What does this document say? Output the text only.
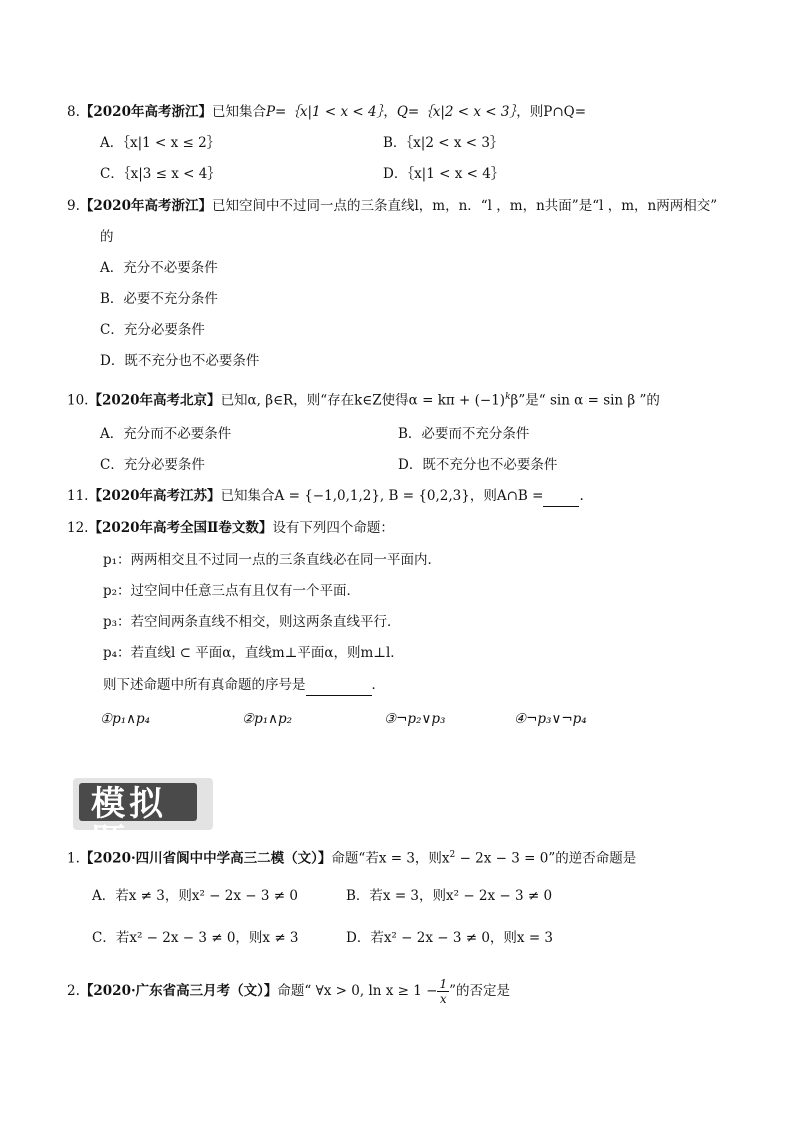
8.【2020年高考浙江】已知集合P=｛x|1 < x < 4｝，Q=｛x|2 < x < 3｝，则P∩Q=
A．｛x|1 < x ≤ 2｝	B．｛x|2 < x < 3｝
C．｛x|3 ≤ x < 4｝	D．｛x|1 < x < 4｝
9.【2020年高考浙江】已知空间中不过同一点的三条直线l，m，n．“l ，m，n共面”是“l ，m，n两两相交”
的
A．充分不必要条件
B．必要不充分条件
C．充分必要条件
D．既不充分也不必要条件
10.【2020年高考北京】已知α, β∈R，则“存在k∈Z使得$\alpha = k\pi + (-1)^k\beta$”是“ sin α = sin β ”的
A．充分而不必要条件	B．必要而不充分条件
C．充分必要条件	D．既不充分也不必要条件
11.【2020年高考江苏】已知集合A = {−1,0,1,2}, B = {0,2,3}，则A∩B =	.
12.【2020年高考全国Ⅱ卷文数】设有下列四个命题：
p₁：两两相交且不过同一点的三条直线必在同一平面内．
p₂：过空间中任意三点有且仅有一个平面．
p₃：若空间两条直线不相交，则这两条直线平行．
p₄：若直线l ⊂ 平面α，直线m⊥平面α，则m⊥l．
则下述命题中所有真命题的序号是	．
①p₁∧p₄	②p₁∧p₂	③¬p₂∨p₃	④¬p₃∨¬p₄
模拟题
1.【2020·四川省阆中中学高三二模（文）】命题“若x = 3，则$x^2 - 2x - 3 = 0$”的逆否命题是
A．若x ≠ 3，则x² − 2x − 3 ≠ 0	B．若x = 3，则x² − 2x − 3 ≠ 0
C．若x² − 2x − 3 ≠ 0，则x ≠ 3	D．若x² − 2x − 3 ≠ 0，则x = 3
2.【2020·广东省高三月考（文）】命题“ ∀x > 0, $\ln x \ge 1 - \frac{1}{x}$ ”的否定是
